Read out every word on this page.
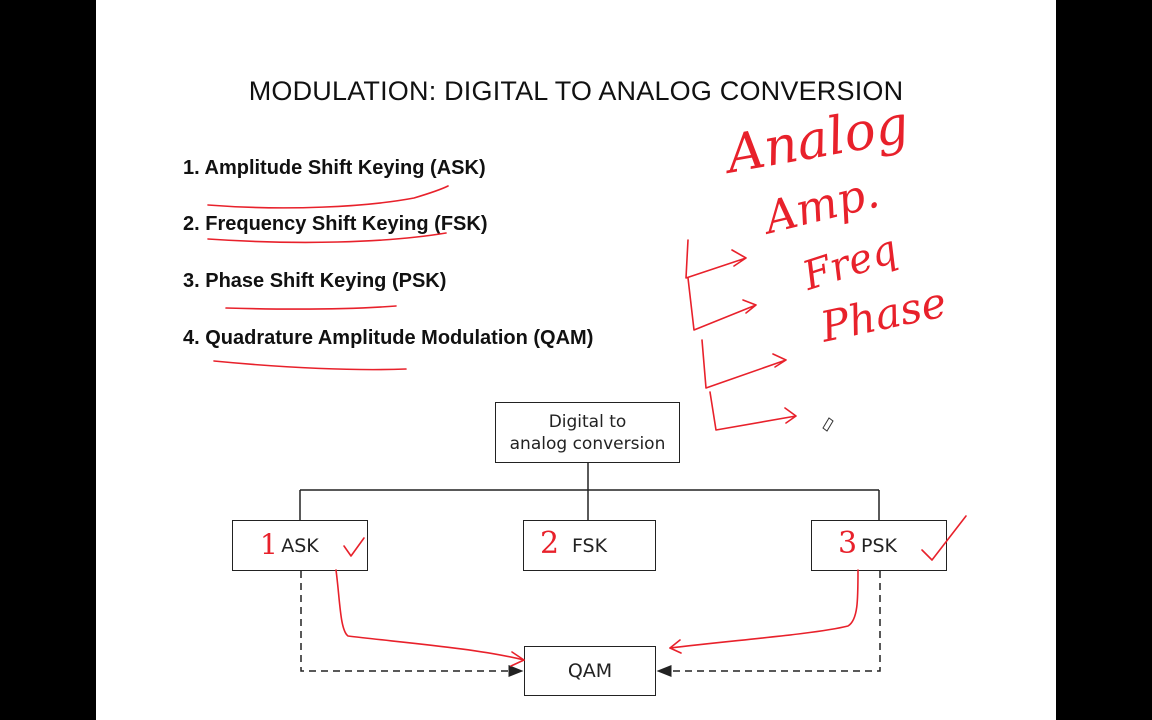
MODULATION: DIGITAL TO ANALOG CONVERSION
1. Amplitude Shift Keying (ASK)
2. Frequency Shift Keying (FSK)
3. Phase Shift Keying (PSK)
4. Quadrature Amplitude Modulation (QAM)
Digital to
analog conversion
ASK	FSK	PSK
QAM
Analog
Amp.
Freq
Phase
1	2	3
